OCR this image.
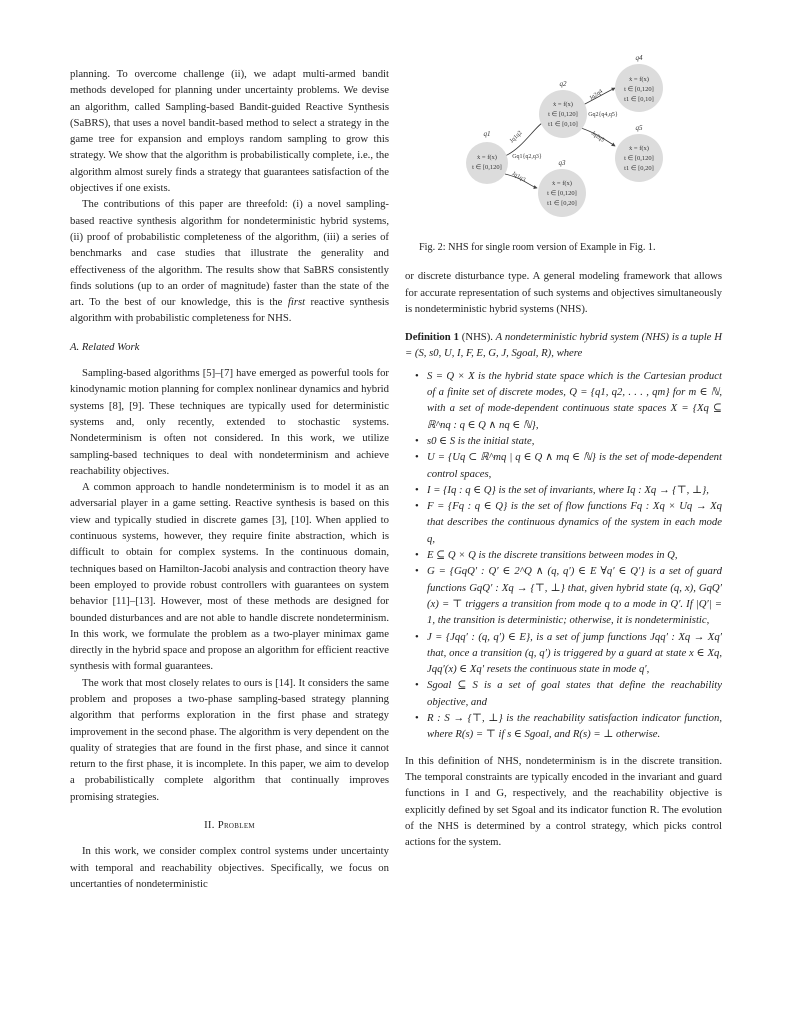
planning. To overcome challenge (ii), we adapt multi-armed bandit methods developed for planning under uncertainty problems. We devise an algorithm, called Sampling-based Bandit-guided Reactive Synthesis (SaBRS), that uses a novel bandit-based method to select a strategy in the game tree for expansion and employs random sampling to grow this strategy. We show that the algorithm is probabilistically complete, i.e., the algorithm almost surely finds a strategy that guarantees satisfaction of the objectives if one exists.

The contributions of this paper are threefold: (i) a novel sampling-based reactive synthesis algorithm for nondeterministic hybrid systems, (ii) proof of probabilistic completeness of the algorithm, (iii) a series of benchmarks and case studies that illustrate the generality and effectiveness of the algorithm. The results show that SaBRS consistently finds solutions (up to an order of magnitude) faster than the state of the art. To the best of our knowledge, this is the first reactive synthesis algorithm with probabilistic completeness for NHS.

A. Related Work

Sampling-based algorithms [5]–[7] have emerged as powerful tools for kinodynamic motion planning for complex nonlinear dynamics and hybrid systems [8], [9]. These techniques are typically used for deterministic systems and, only recently, extended to stochastic systems. Nondeterminism is often not considered. In this work, we utilize sampling-based techniques to deal with nondeterminism and achieve reachability objectives.

A common approach to handle nondeterminism is to model it as an adversarial player in a game setting. Reactive synthesis is based on this view and typically studied in discrete games [3], [10]. When applied to continuous systems, however, they require finite abstraction, which is difficult to obtain for complex systems. In the continuous domain, techniques based on Hamilton-Jacobi analysis and contraction theory have been employed to provide robust controllers with guarantees on system behavior [11]–[13]. However, most of these methods are designed for bounded disturbances and are not able to handle discrete nondeterminism. In this work, we formulate the problem as a two-player minimax game directly in the hybrid space and propose an algorithm for efficient reactive synthesis with formal guarantees.

The work that most closely relates to ours is [14]. It considers the same problem and proposes a two-phase sampling-based strategy planning algorithm that performs exploration in the first phase and strategy improvement in the second phase. The algorithm is very dependent on the quality of strategies that are found in the first phase, and since it cannot return to the first phase, it is incomplete. In this paper, we aim to develop a probabilistically complete algorithm that continually improves promising strategies.

II. Problem

In this work, we consider complex control systems under uncertainty with temporal and reachability objectives. Specifically, we focus on uncertanties of nondeterministic

Jq1q2
Gq1{q2,q3}
Jq1q3
Jq2q4
Gq2{q4,q5}
Jq2q5
q1
ẋ = f(x)
t ∈ [0,120]
q2
ẋ = f(x)
t ∈ [0,120]
t1 ∈ [0,10]
q3
ẋ = f(x)
t ∈ [0,120]
t1 ∈ [0,20]
q4
ẋ = f(x)
t ∈ [0,120]
t1 ∈ [0,10]
q5
ẋ = f(x)
t ∈ [0,120]
t1 ∈ [0,20]

Fig. 2: NHS for single room version of Example in Fig. 1.

or discrete disturbance type. A general modeling framework that allows for accurate representation of such systems and objectives simultaneously is nondeterministic hybrid systems (NHS).

Definition 1 (NHS). A nondeterministic hybrid system (NHS) is a tuple H = (S, s0, U, I, F, E, G, J, Sgoal, R), where

• S = Q × X is the hybrid state space which is the Cartesian product of a finite set of discrete modes, Q = {q1, q2, . . . , qm} for m ∈ ℕ, with a set of mode-dependent continuous state spaces X = {Xq ⊆ ℝ^nq : q ∈ Q ∧ nq ∈ ℕ},
• s0 ∈ S is the initial state,
• U = {Uq ⊂ ℝ^mq | q ∈ Q ∧ mq ∈ ℕ} is the set of mode-dependent control spaces,
• I = {Iq : q ∈ Q} is the set of invariants, where Iq : Xq → {⊤, ⊥},
• F = {Fq : q ∈ Q} is the set of flow functions Fq : Xq × Uq → Xq that describes the continuous dynamics of the system in each mode q,
• E ⊆ Q × Q is the discrete transitions between modes in Q,
• G = {GqQ′ : Q′ ∈ 2^Q ∧ (q, q′) ∈ E ∀q′ ∈ Q′} is a set of guard functions GqQ′ : Xq → {⊤, ⊥} that, given hybrid state (q, x), GqQ′(x) = ⊤ triggers a transition from mode q to a mode in Q′. If |Q′| = 1, the transition is deterministic; otherwise, it is nondeterministic,
• J = {Jqq′ : (q, q′) ∈ E}, is a set of jump functions Jqq′ : Xq → Xq′ that, once a transition (q, q′) is triggered by a guard at state x ∈ Xq, Jqq′(x) ∈ Xq′ resets the continuous state in mode q′,
• Sgoal ⊆ S is a set of goal states that define the reachability objective, and
• R : S → {⊤, ⊥} is the reachability satisfaction indicator function, where R(s) = ⊤ if s ∈ Sgoal, and R(s) = ⊥ otherwise.

In this definition of NHS, nondeterminism is in the discrete transition. The temporal constraints are typically encoded in the invariant and guard functions in I and G, respectively, and the reachability objective is explicitly defined by set Sgoal and its indicator function R. The evolution of the NHS is determined by a control strategy, which picks control actions for the system.
